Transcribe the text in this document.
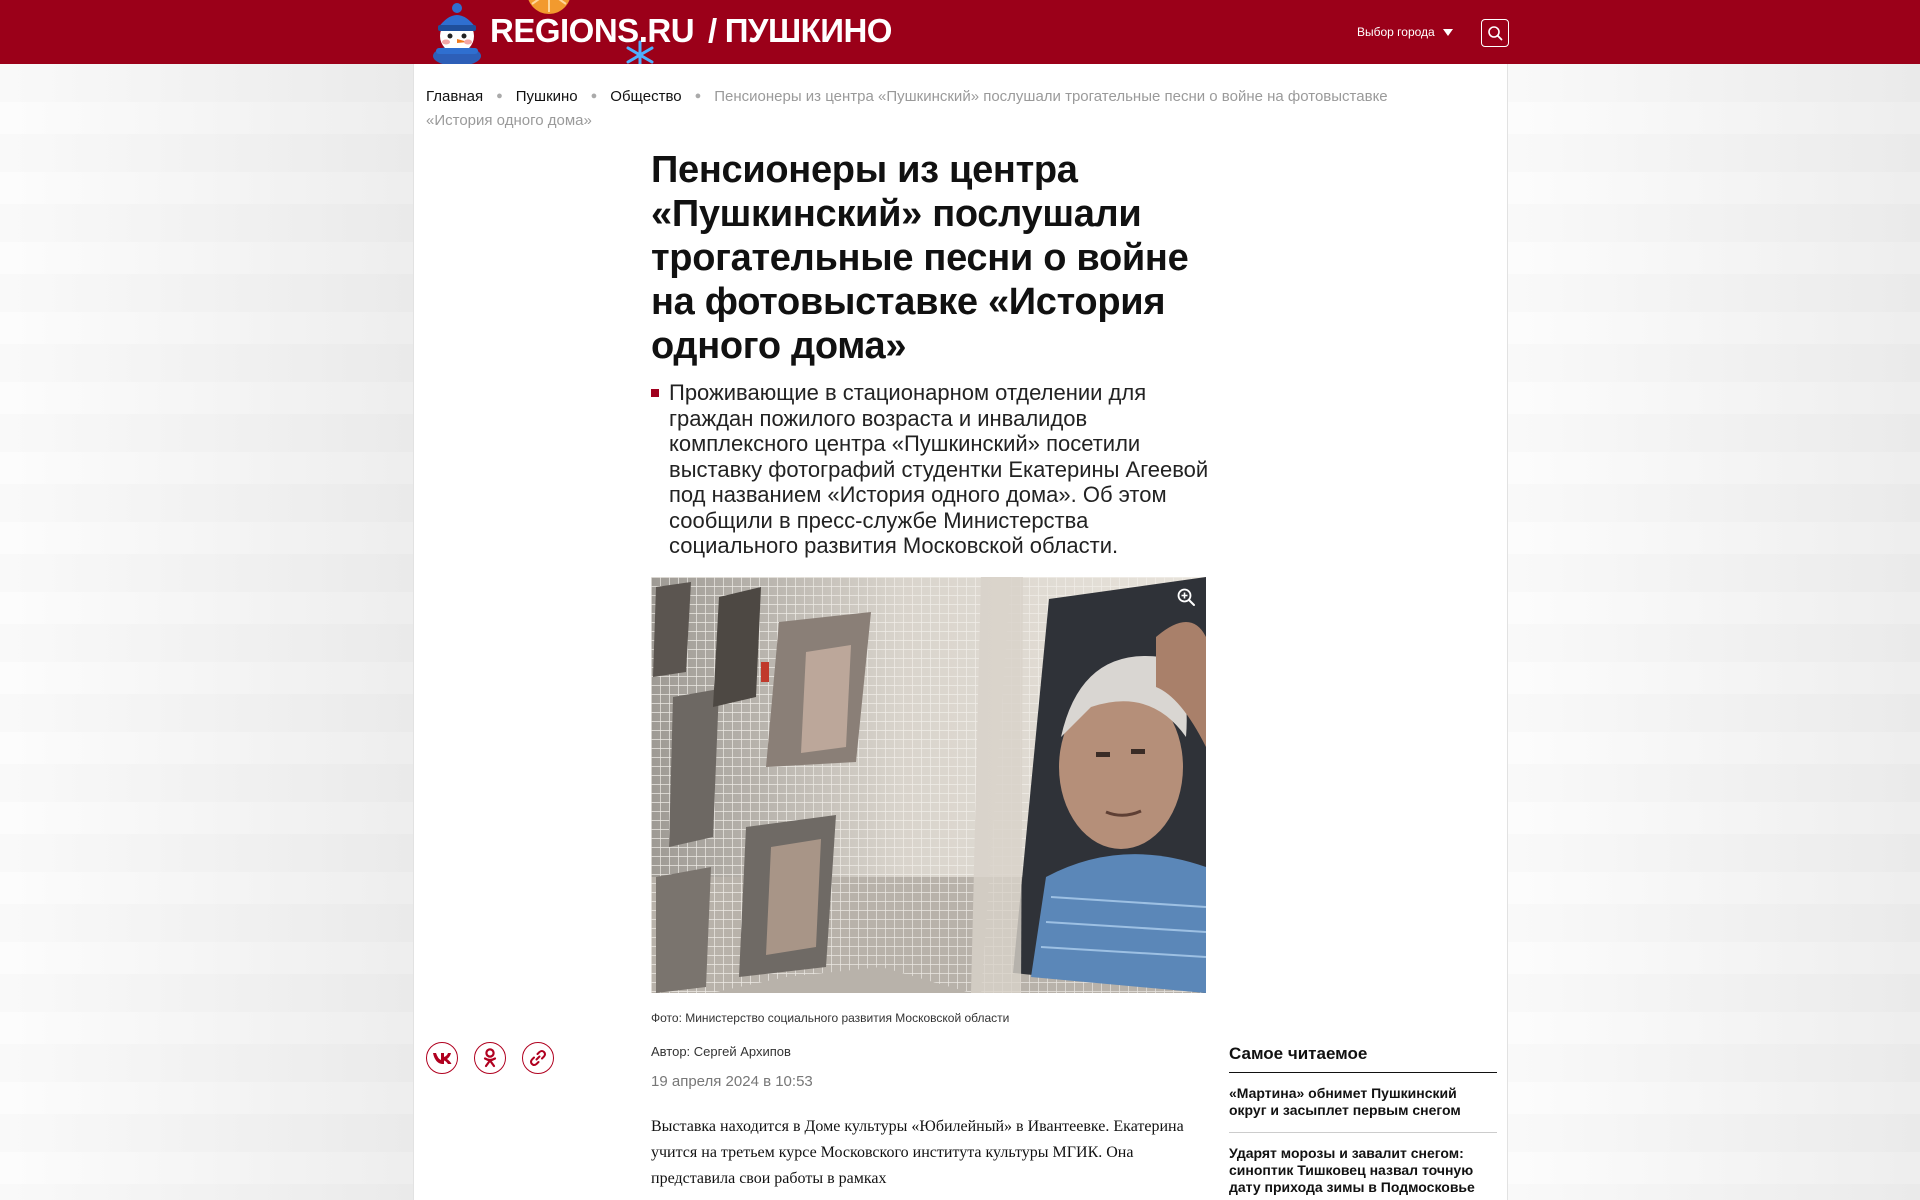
REGIONS.RU / ПУШКИНО	Выбор города
Главная ● Пушкино ● Общество ● Пенсионеры из центра «Пушкинский» послушали трогательные песни о войне на фотовыставке «История одного дома»
Пенсионеры из центра «Пушкинский» послушали трогательные песни о войне на фотовыставке «История одного дома»
Проживающие в стационарном отделении для граждан пожилого возраста и инвалидов комплексного центра «Пушкинский» посетили выставку фотографий студентки Екатерины Агеевой под названием «История одного дома». Об этом сообщили в пресс-службе Министерства социального развития Московской области.
Фото: Министерство социального развития Московской области
Автор: Сергей Архипов
19 апреля 2024 в 10:53

Выставка находится в Доме культуры «Юбилейный» в Ивантеевке. Екатерина учится на третьем курсе Московского института культуры МГИК. Она представила свои работы в рамках

Самое читаемое
«Мартина» обнимет Пушкинский округ и засыплет первым снегом
Ударят морозы и завалит снегом: синоптик Тишковец назвал точную дату прихода зимы в Подмосковье
